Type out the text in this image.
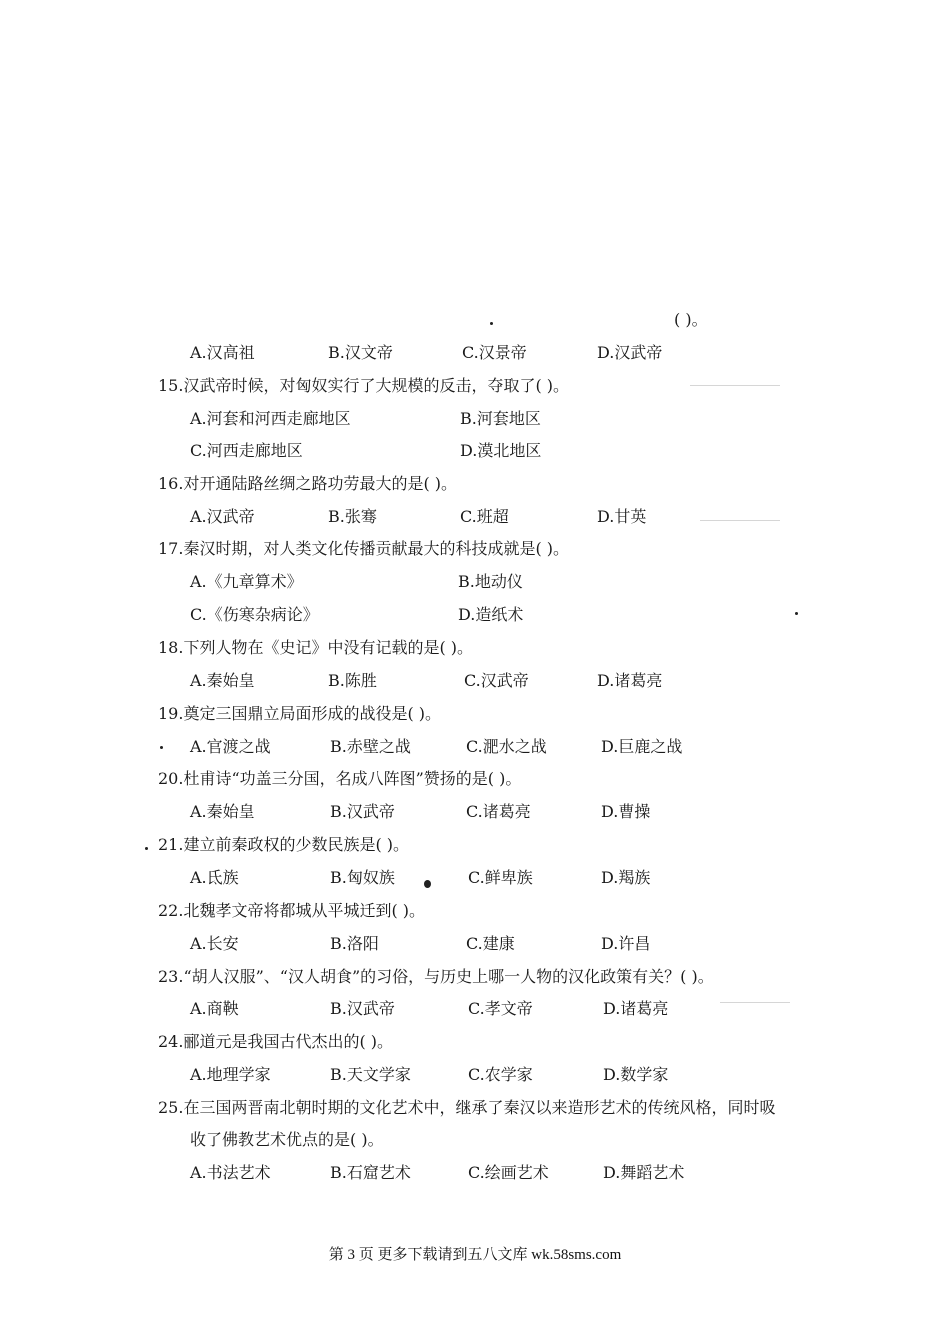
( )。
A.汉高祖	B.汉文帝	C.汉景帝	D.汉武帝
15.汉武帝时候，对匈奴实行了大规模的反击，夺取了( )。
A.河套和河西走廊地区	B.河套地区
C.河西走廊地区	D.漠北地区
16.对开通陆路丝绸之路功劳最大的是( )。
A.汉武帝	B.张骞	C.班超	D.甘英
17.秦汉时期，对人类文化传播贡献最大的科技成就是( )。
A.《九章算术》	B.地动仪
C.《伤寒杂病论》	D.造纸术
18.下列人物在《史记》中没有记载的是( )。
A.秦始皇	B.陈胜	C.汉武帝	D.诸葛亮
19.奠定三国鼎立局面形成的战役是( )。
A.官渡之战	B.赤壁之战	C.淝水之战	D.巨鹿之战
20.杜甫诗“功盖三分国，名成八阵图”赞扬的是( )。
A.秦始皇	B.汉武帝	C.诸葛亮	D.曹操
21.建立前秦政权的少数民族是( )。
A.氐族	B.匈奴族	C.鲜卑族	D.羯族
22.北魏孝文帝将都城从平城迁到( )。
A.长安	B.洛阳	C.建康	D.许昌
23.“胡人汉服”、“汉人胡食”的习俗，与历史上哪一人物的汉化政策有关？( )。
A.商鞅	B.汉武帝	C.孝文帝	D.诸葛亮
24.郦道元是我国古代杰出的( )。
A.地理学家	B.天文学家	C.农学家	D.数学家
25.在三国两晋南北朝时期的文化艺术中，继承了秦汉以来造形艺术的传统风格，同时吸
收了佛教艺术优点的是( )。
A.书法艺术	B.石窟艺术	C.绘画艺术	D.舞蹈艺术
第 3 页 更多下载请到五八文库 wk.58sms.com
